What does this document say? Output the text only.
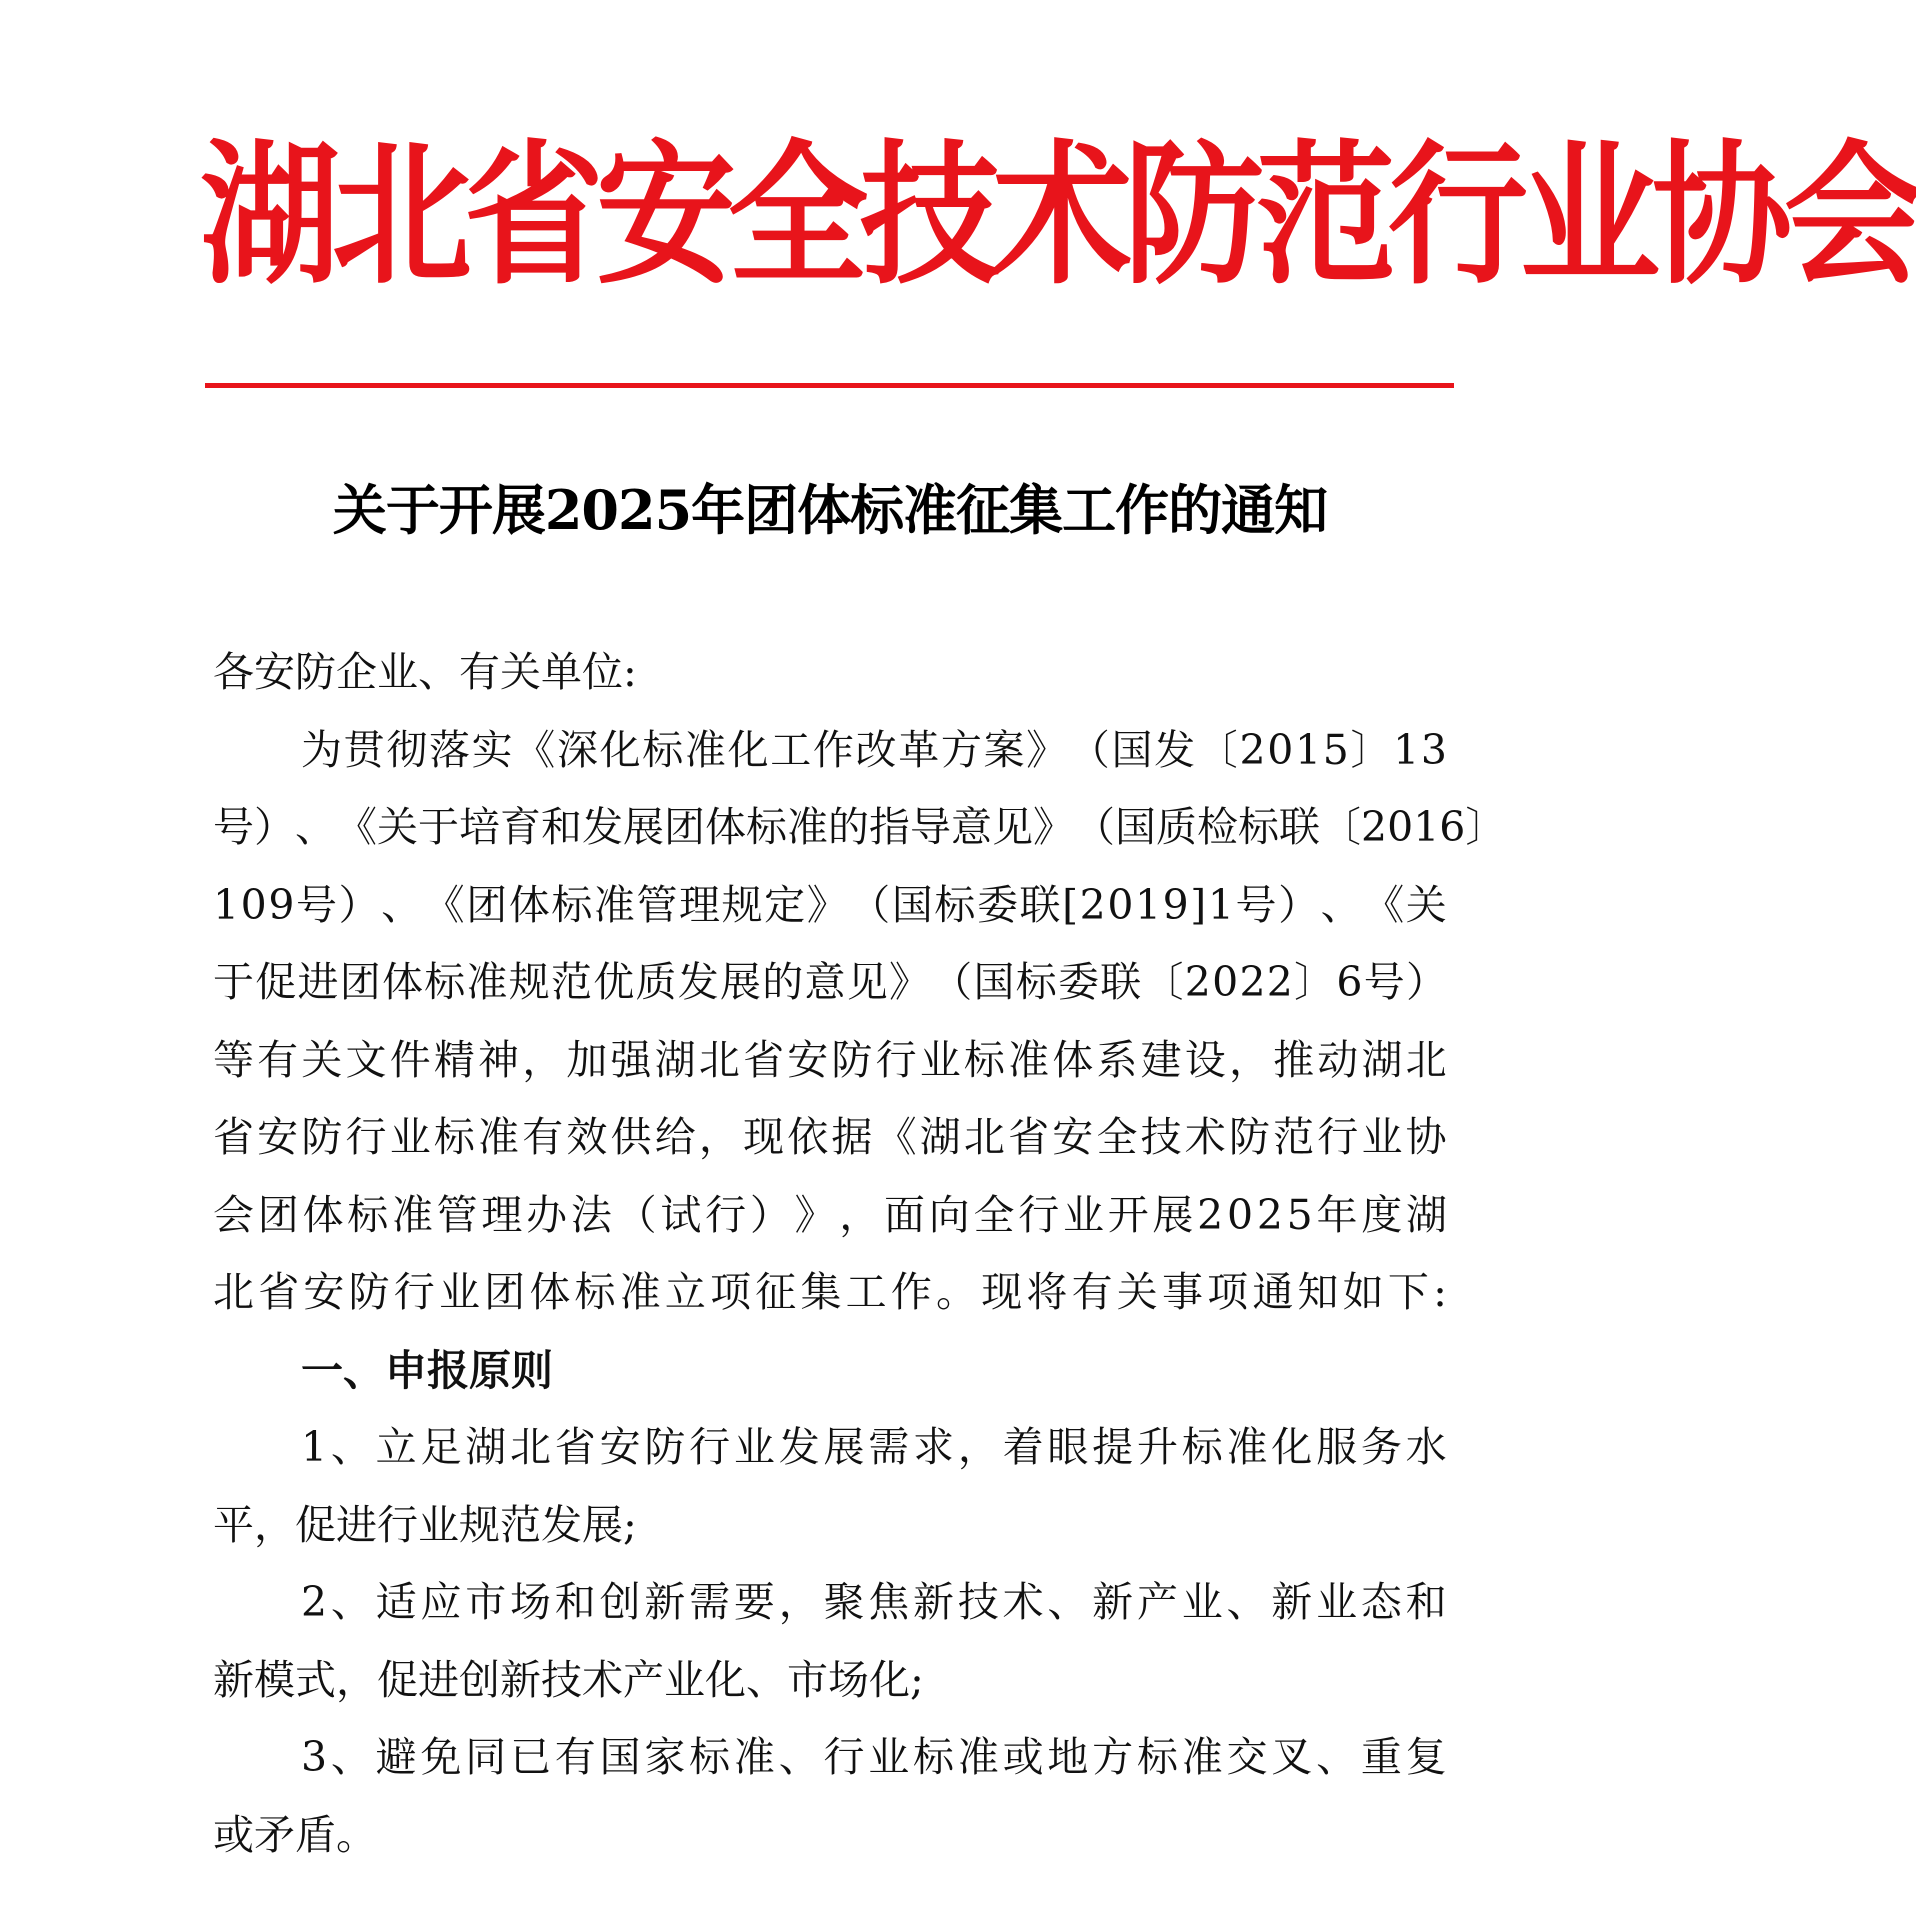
湖北省安全技术防范行业协会
关于开展2025年团体标准征集工作的通知
各安防企业、有关单位:
为 贯 彻 落 实 《 深 化 标 准 化 工 作 改 革 方 案 》 （ 国 发 〔 2 0 1 5 〕 1 3
号 ） 、 《 关 于 培 育 和 发 展 团 体 标 准 的 指 导 意 见 》 （ 国 质 检 标 联 〔 2 0 1 6 〕
1 0 9 号 ） 、 《 团 体 标 准 管 理 规 定 》 （ 国 标 委 联 [ 2 0 1 9 ] 1 号 ） 、 《 关
于 促 进 团 体 标 准 规 范 优 质 发 展 的 意 见 》 （ 国 标 委 联 〔 2 0 2 2 〕 6 号 ）
等 有 关 文 件 精 神 ， 加 强 湖 北 省 安 防 行 业 标 准 体 系 建 设 ， 推 动 湖 北
省 安 防 行 业 标 准 有 效 供 给 ， 现 依 据 《 湖 北 省 安 全 技 术 防 范 行 业 协
会 团 体 标 准 管 理 办 法 （ 试 行 ） 》 ， 面 向 全 行 业 开 展 2 0 2 5 年 度 湖
北 省 安 防 行 业 团 体 标 准 立 项 征 集 工 作 。 现 将 有 关 事 项 通 知 如 下 :
一、申报原则
1 、 立 足 湖 北 省 安 防 行 业 发 展 需 求 ， 着 眼 提 升 标 准 化 服 务 水
平，促进行业规范发展;
2 、 适 应 市 场 和 创 新 需 要 ， 聚 焦 新 技 术 、 新 产 业 、 新 业 态 和
新模式，促进创新技术产业化、市场化;
3 、 避 免 同 已 有 国 家 标 准 、 行 业 标 准 或 地 方 标 准 交 叉 、 重 复
或矛盾。
